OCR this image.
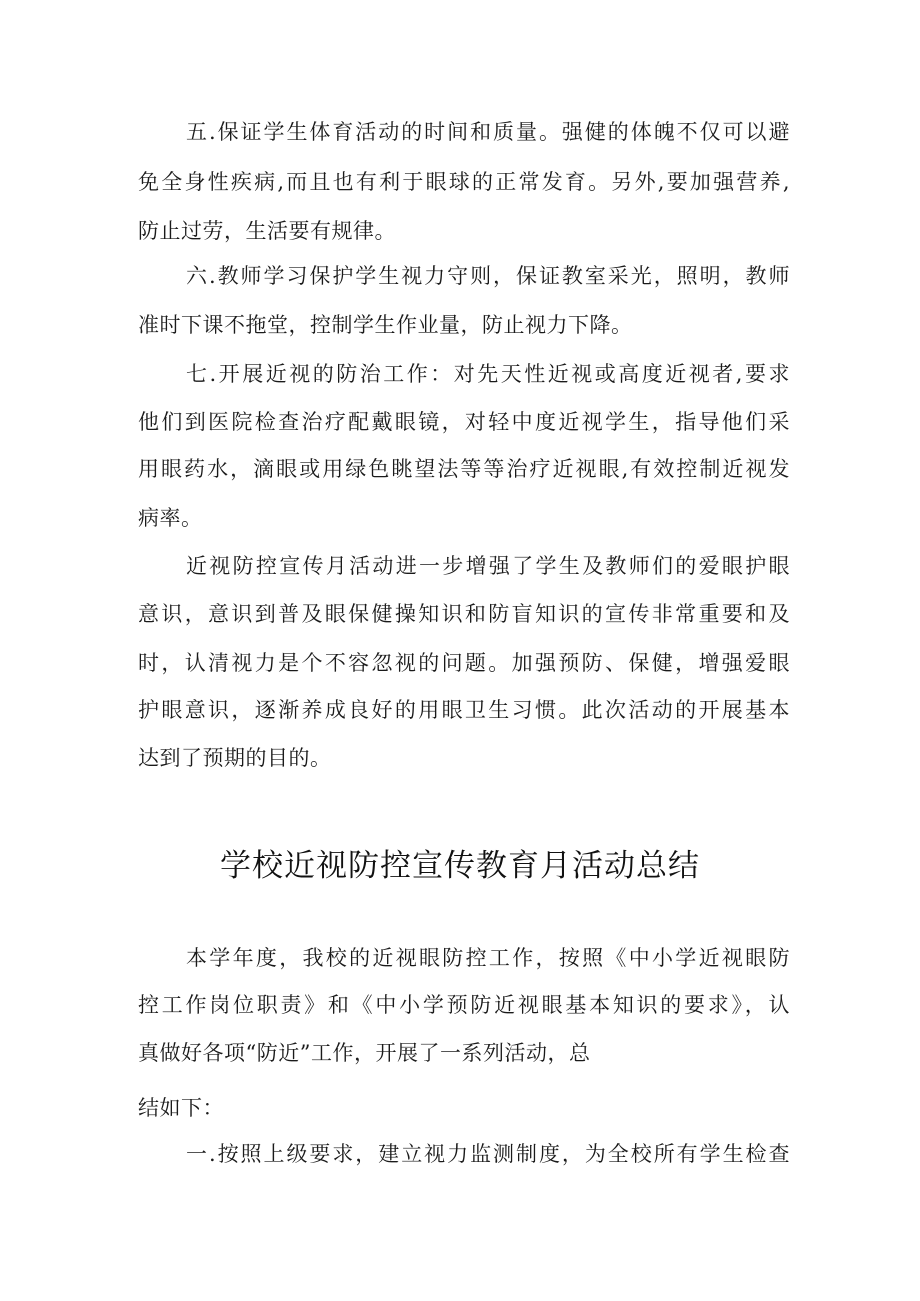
五.保证学生体育活动的时间和质量。强健的体魄不仅可以避
免全身性疾病,而且也有利于眼球的正常发育。另外,要加强营养,
防止过劳，生活要有规律。
六.教师学习保护学生视力守则，保证教室采光，照明，教师
准时下课不拖堂，控制学生作业量，防止视力下降。
七.开展近视的防治工作：对先天性近视或高度近视者,要求
他们到医院检查治疗配戴眼镜，对轻中度近视学生，指导他们采
用眼药水，滴眼或用绿色眺望法等等治疗近视眼,有效控制近视发
病率。
近视防控宣传月活动进一步增强了学生及教师们的爱眼护眼
意识，意识到普及眼保健操知识和防盲知识的宣传非常重要和及
时，认清视力是个不容忽视的问题。加强预防、保健，增强爱眼
护眼意识，逐渐养成良好的用眼卫生习惯。此次活动的开展基本
达到了预期的目的。
学校近视防控宣传教育月活动总结
本学年度，我校的近视眼防控工作，按照《中小学近视眼防
控工作岗位职责》和《中小学预防近视眼基本知识的要求》，认
真做好各项“防近”工作，开展了一系列活动，总
结如下：
一.按照上级要求，建立视力监测制度，为全校所有学生检查
